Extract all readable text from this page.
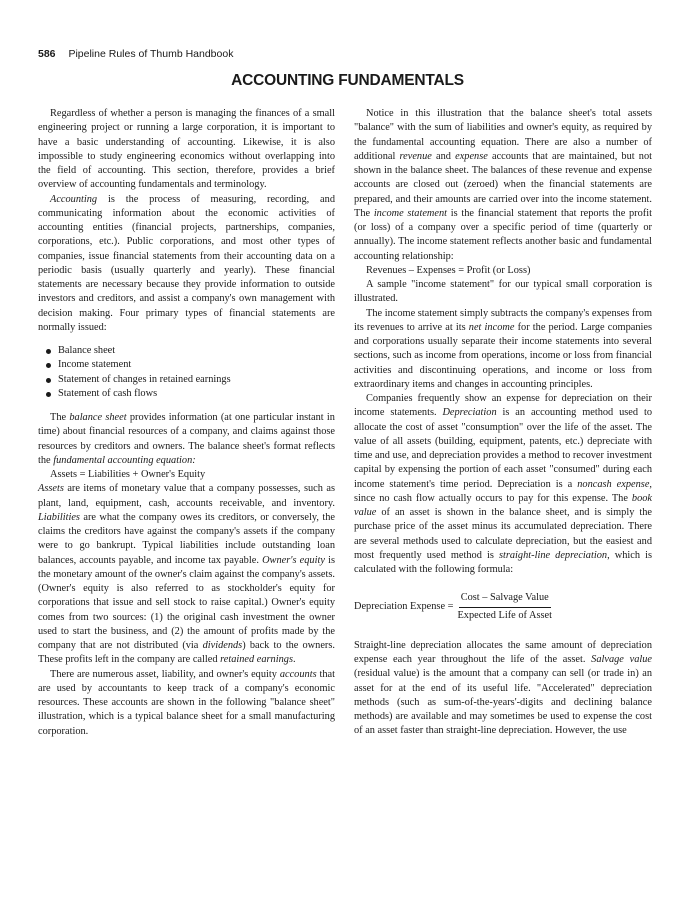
586 Pipeline Rules of Thumb Handbook
ACCOUNTING FUNDAMENTALS

Regardless of whether a person is managing the finances of a small engineering project or running a large corporation, it is important to have a basic understanding of accounting. Likewise, it is also impossible to study engineering economics without overlapping into the field of accounting. This section, therefore, provides a brief overview of accounting fundamentals and terminology.

Accounting is the process of measuring, recording, and communicating information about the economic activities of accounting entities (financial projects, partnerships, companies, corporations, etc.). Public corporations, and most other types of companies, issue financial statements from their accounting data on a periodic basis (usually quarterly and yearly). These financial statements are necessary because they provide information to outside investors and creditors, and assist a company's own management with decision making. Four primary types of financial statements are normally issued:

Balance sheet
Income statement
Statement of changes in retained earnings
Statement of cash flows

The balance sheet provides information (at one particular instant in time) about financial resources of a company, and claims against those resources by creditors and owners. The balance sheet's format reflects the fundamental accounting equation:

Assets = Liabilities + Owner's Equity

Assets are items of monetary value that a company possesses, such as plant, land, equipment, cash, accounts receivable, and inventory. Liabilities are what the company owes its creditors, or conversely, the claims the creditors have against the company's assets if the company were to go bankrupt. Typical liabilities include outstanding loan balances, accounts payable, and income tax payable. Owner's equity is the monetary amount of the owner's claim against the company's assets. (Owner's equity is also referred to as stockholder's equity for corporations that issue and sell stock to raise capital.) Owner's equity comes from two sources: (1) the original cash investment the owner used to start the business, and (2) the amount of profits made by the company that are not distributed (via dividends) back to the owners. These profits left in the company are called retained earnings.

There are numerous asset, liability, and owner's equity accounts that are used by accountants to keep track of a company's economic resources. These accounts are shown in the following "balance sheet" illustration, which is a typical balance sheet for a small manufacturing corporation.

Notice in this illustration that the balance sheet's total assets "balance" with the sum of liabilities and owner's equity, as required by the fundamental accounting equation. There are also a number of additional revenue and expense accounts that are maintained, but not shown in the balance sheet. The balances of these revenue and expense accounts are closed out (zeroed) when the financial statements are prepared, and their amounts are carried over into the income statement. The income statement is the financial statement that reports the profit (or loss) of a company over a specific period of time (quarterly or annually). The income statement reflects another basic and fundamental accounting relationship:

Revenues – Expenses = Profit (or Loss)

A sample "income statement" for our typical small corporation is illustrated.

The income statement simply subtracts the company's expenses from its revenues to arrive at its net income for the period. Large companies and corporations usually separate their income statements into several sections, such as income from operations, income or loss from financial activities and discontinuing operations, and income or loss from extraordinary items and changes in accounting principles.

Companies frequently show an expense for depreciation on their income statements. Depreciation is an accounting method used to allocate the cost of asset "consumption" over the life of the asset. The value of all assets (building, equipment, patents, etc.) depreciate with time and use, and depreciation provides a method to recover investment capital by expensing the portion of each asset "consumed" during each income statement's time period. Depreciation is a noncash expense, since no cash flow actually occurs to pay for this expense. The book value of an asset is shown in the balance sheet, and is simply the purchase price of the asset minus its accumulated depreciation. There are several methods used to calculate depreciation, but the easiest and most frequently used method is straight-line depreciation, which is calculated with the following formula:

Depreciation Expense = $\frac{\text{Cost – Salvage Value}}{\text{Expected Life of Asset}}$

Straight-line depreciation allocates the same amount of depreciation expense each year throughout the life of the asset. Salvage value (residual value) is the amount that a company can sell (or trade in) an asset for at the end of its useful life. "Accelerated" depreciation methods (such as sum-of-the-years'-digits and declining balance methods) are available and may sometimes be used to expense the cost of an asset faster than straight-line depreciation. However, the use
